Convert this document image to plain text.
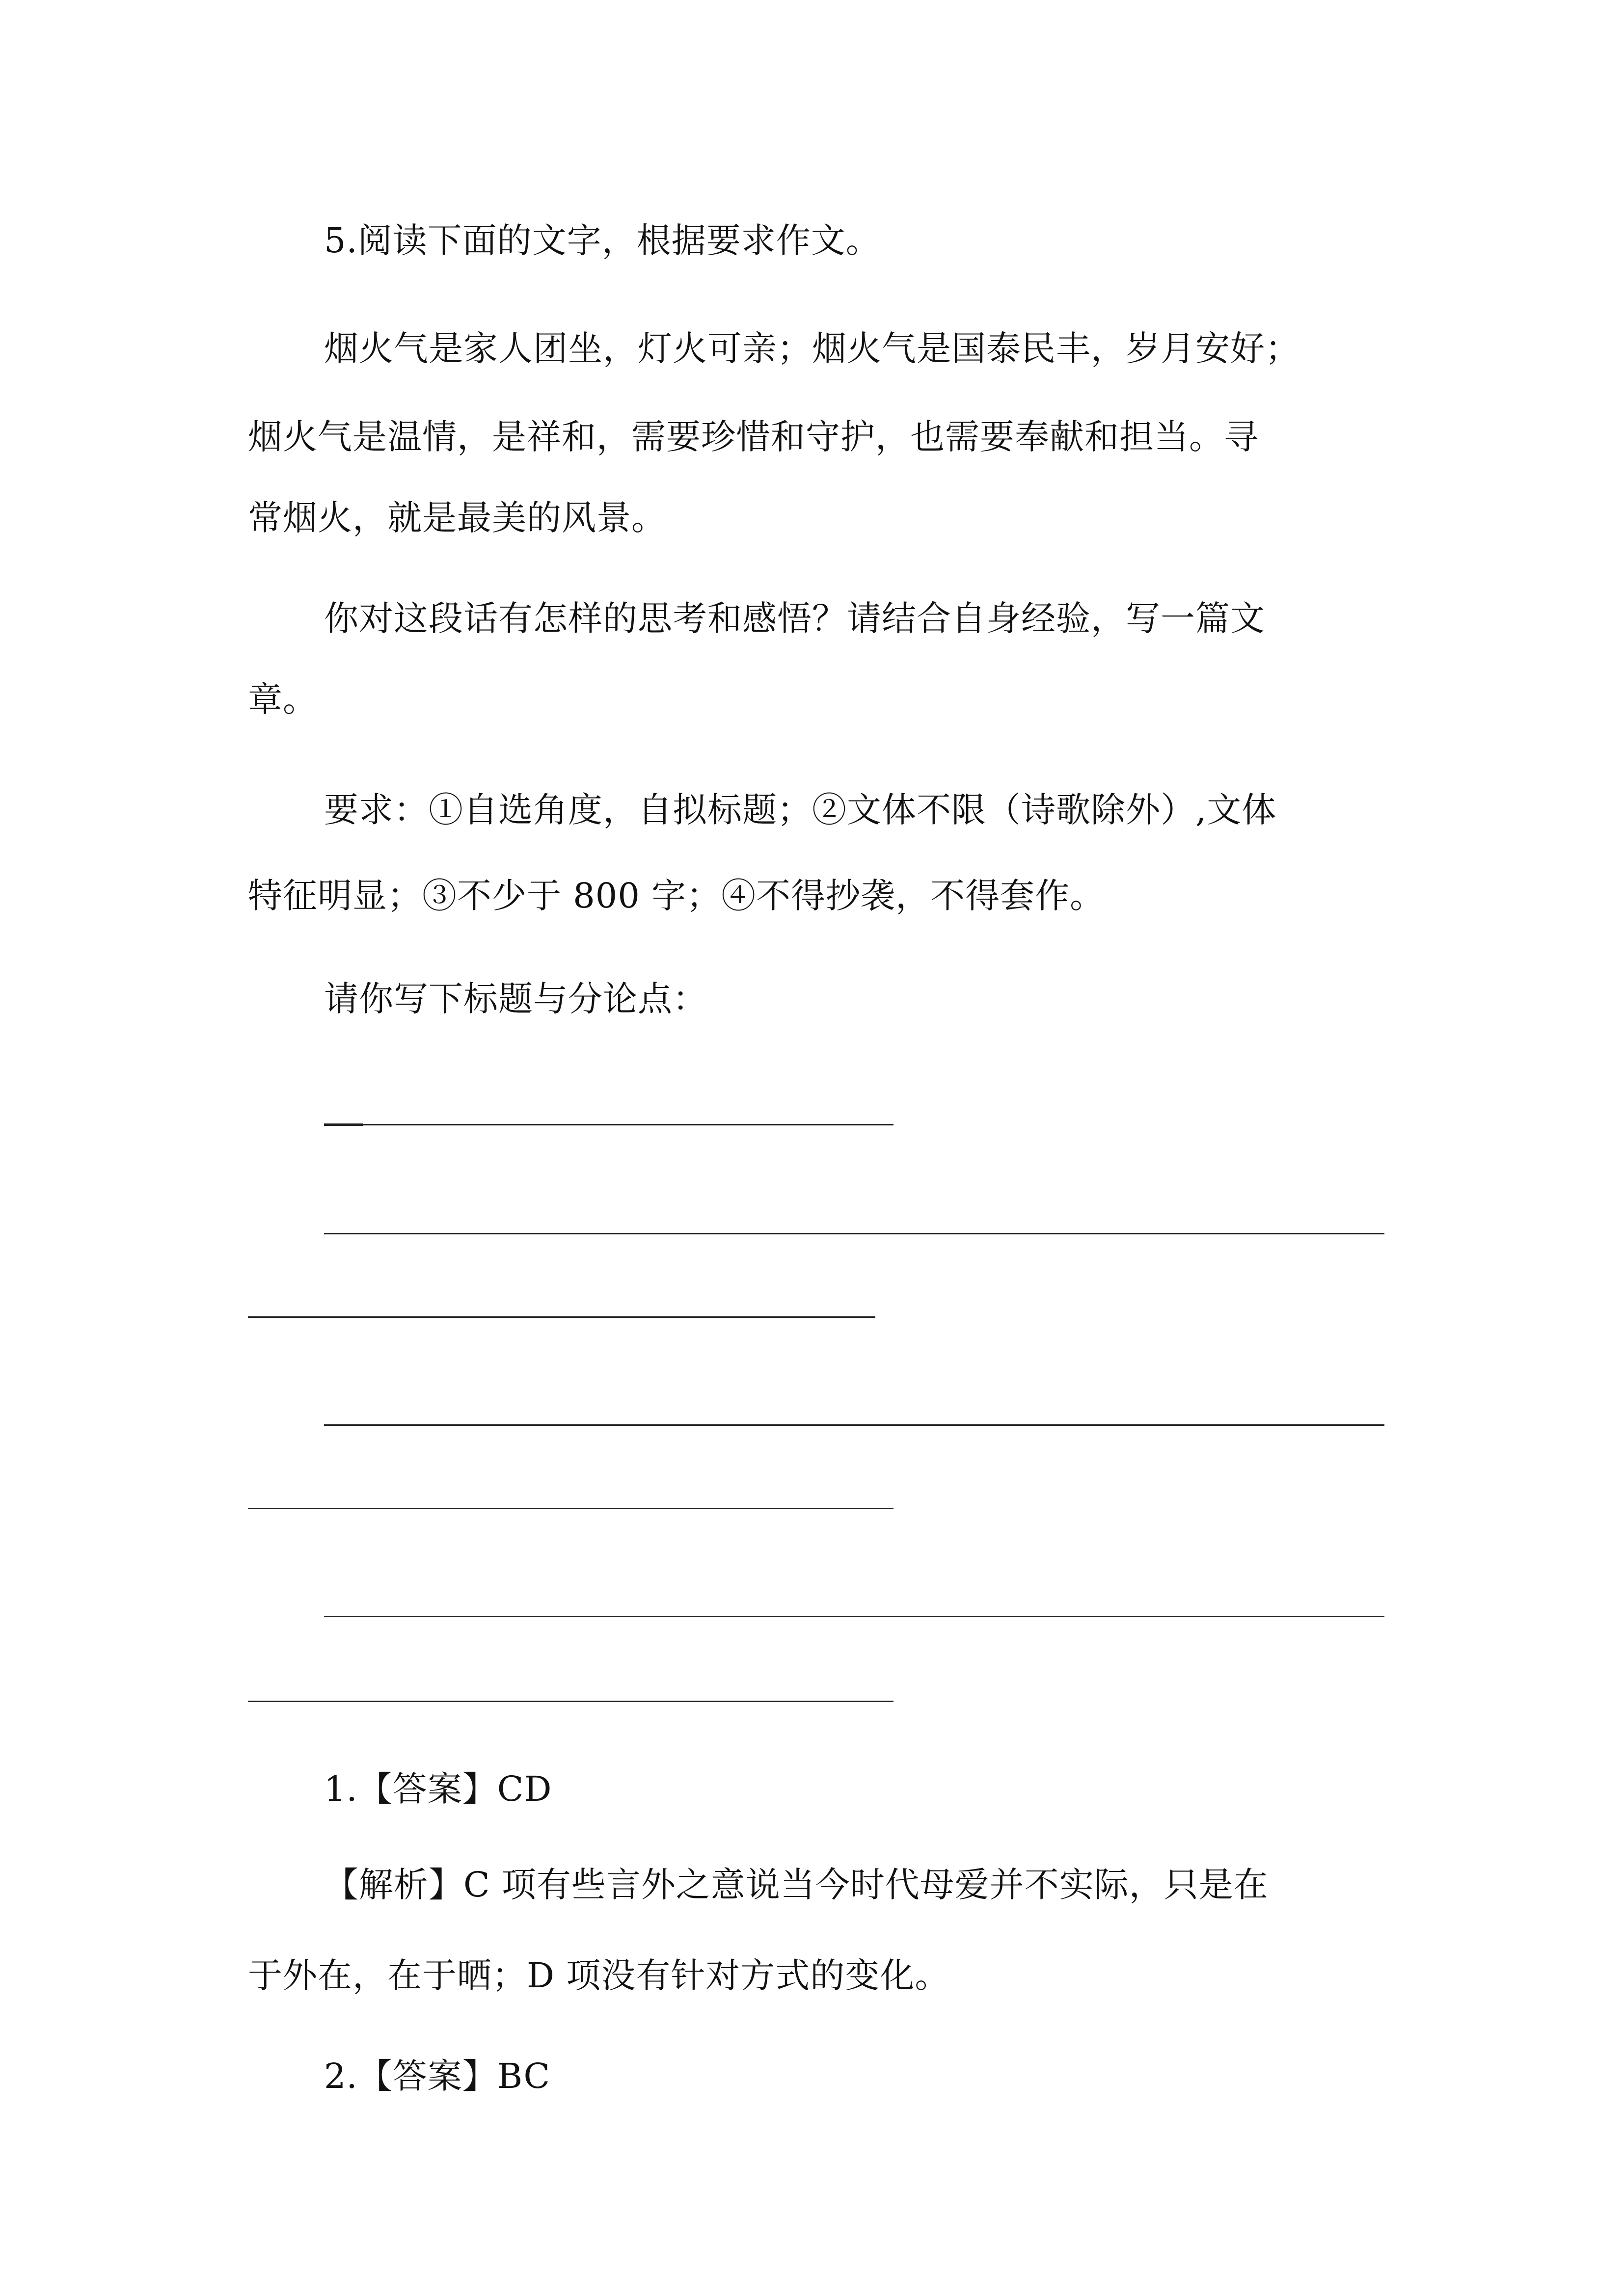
5.阅读下面的文字，根据要求作文。
烟火气是家人团坐，灯火可亲；烟火气是国泰民丰，岁月安好；
烟火气是温情，是祥和，需要珍惜和守护，也需要奉献和担当。寻
常烟火，就是最美的风景。
你对这段话有怎样的思考和感悟？请结合自身经验，写一篇文
章。
要求：①自选角度，自拟标题；②文体不限（诗歌除外）,文体
特征明显；③不少于 800 字；④不得抄袭，不得套作。
请你写下标题与分论点：
1.【答案】CD
【解析】C 项有些言外之意说当今时代母爱并不实际，只是在
于外在，在于晒；D 项没有针对方式的变化。
2.【答案】BC
